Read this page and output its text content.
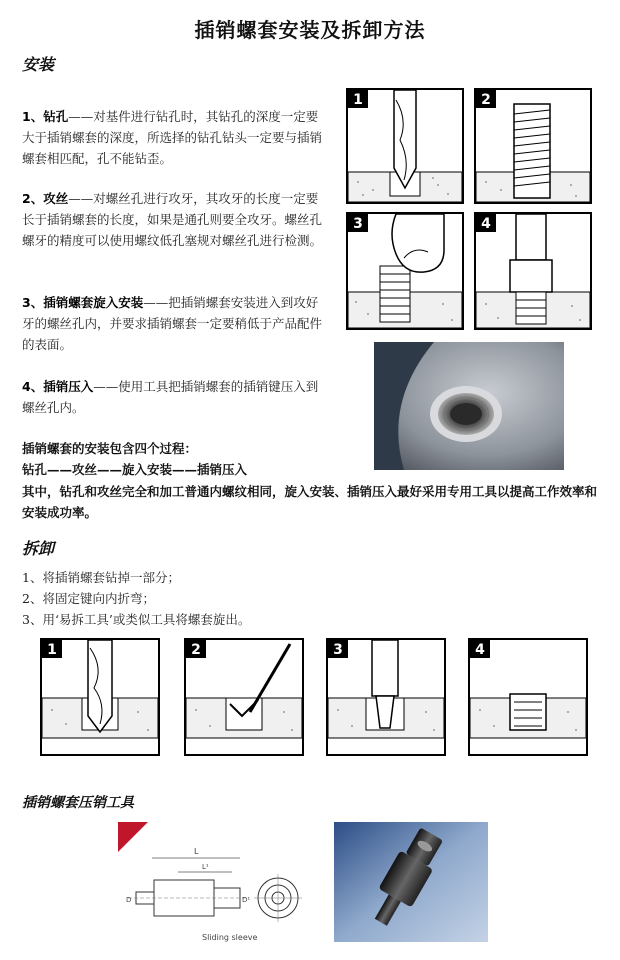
插销螺套安装及拆卸方法
安装
1、钻孔——对基件进行钻孔时，其钻孔的深度一定要大于插销螺套的深度，所选择的钻孔钻头一定要与插销螺套相匹配，孔不能钻歪。
2、攻丝——对螺丝孔进行攻牙，其攻牙的长度一定要长于插销螺套的长度，如果是通孔则要全攻牙。螺丝孔螺牙的精度可以使用螺纹低孔塞规对螺丝孔进行检测。
3、插销螺套旋入安装——把插销螺套安装进入到攻好牙的螺丝孔内，并要求插销螺套一定要稍低于产品配件的表面。
4、插销压入——使用工具把插销螺套的插销键压入到螺丝孔内。
插销螺套的安装包含四个过程：
钻孔——攻丝——旋入安装——插销压入
其中，钻孔和攻丝完全和加工普通内螺纹相同，旋入安装、插销压入最好采用专用工具以提高工作效率和安装成功率。
1	2
3	4
拆卸
1、将插销螺套钻掉一部分；
2、将固定键向内折弯；
3、用‘易拆工具’或类似工具将螺套旋出。
1	2	3	4
插销螺套压销工具
L
L¹
D	D¹
Sliding sleeve
